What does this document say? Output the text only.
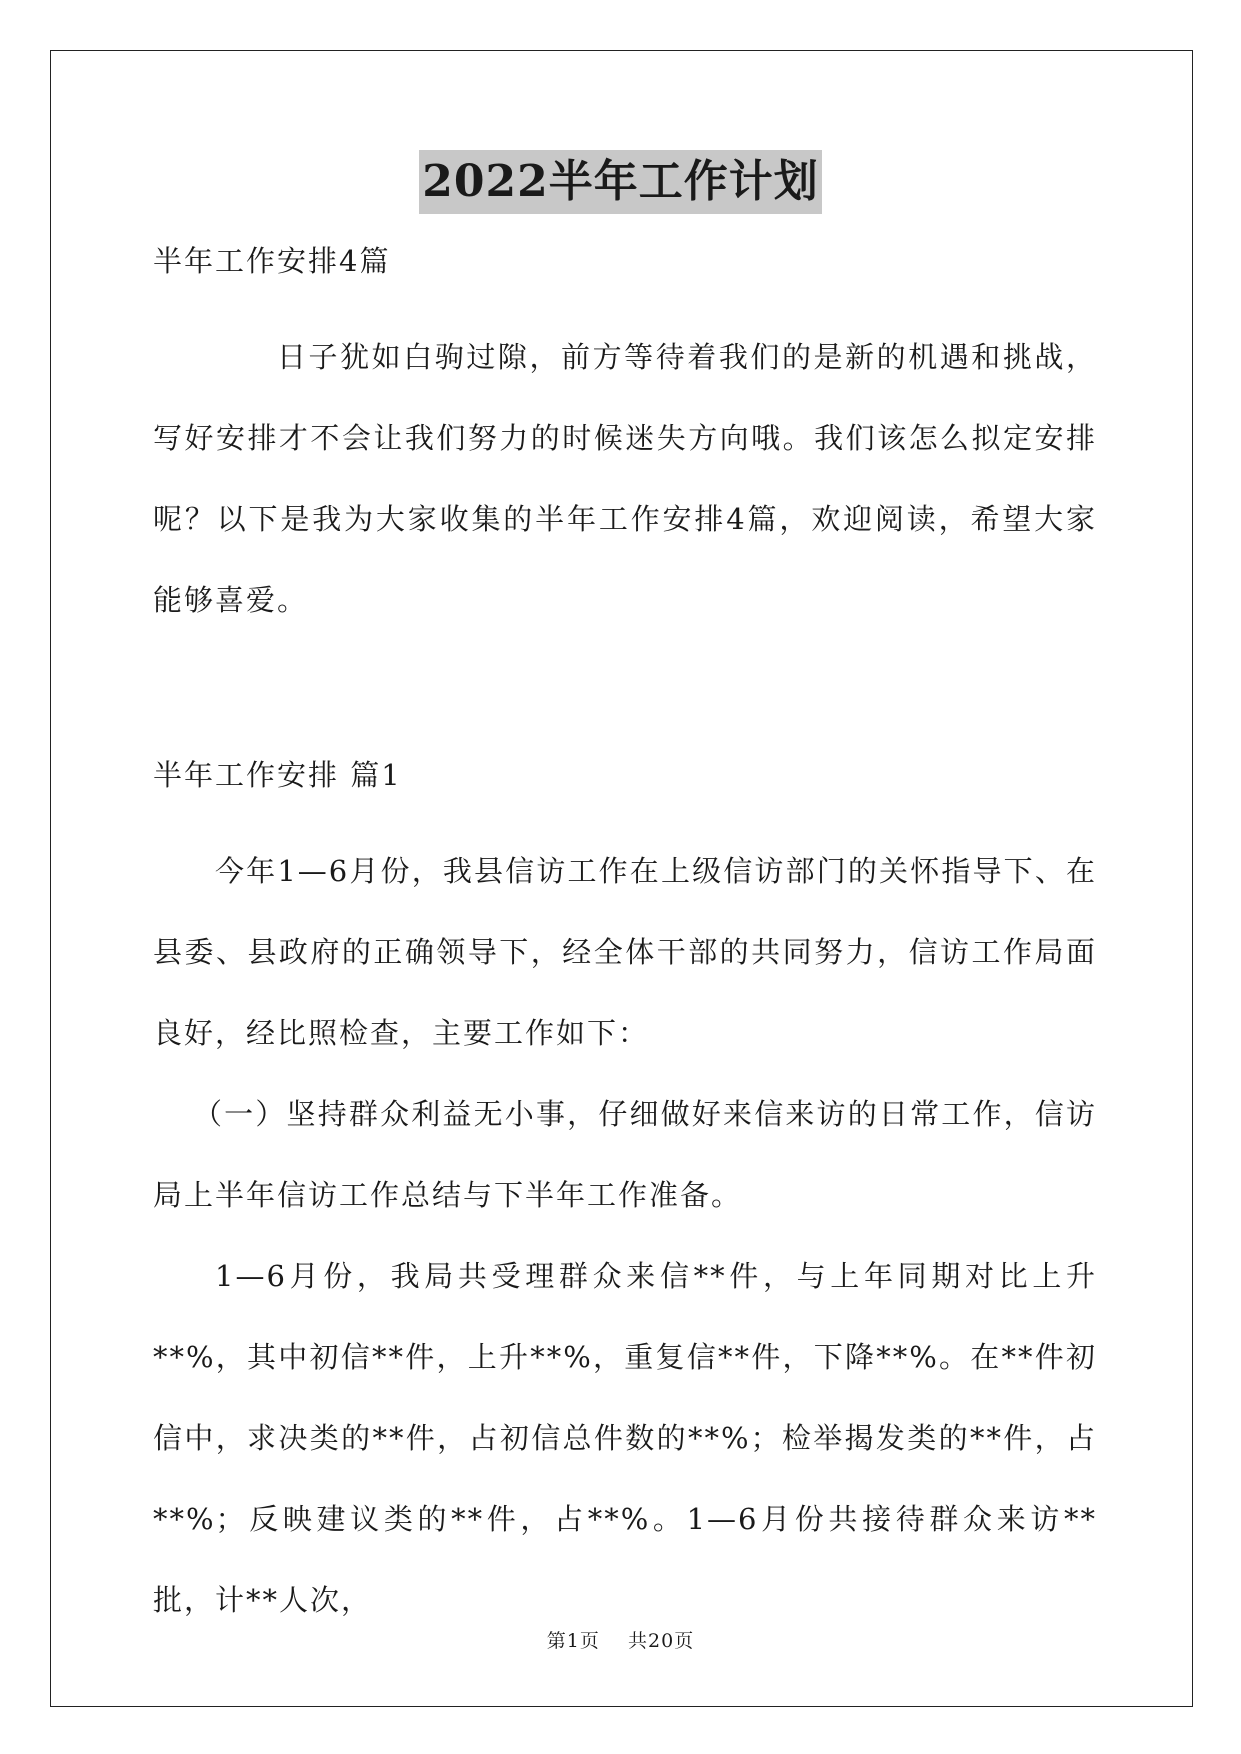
2022半年工作计划

半年工作安排4篇

日子犹如白驹过隙，前方等待着我们的是新的机遇和挑战，写好安排才不会让我们努力的时候迷失方向哦。我们该怎么拟定安排呢？以下是我为大家收集的半年工作安排4篇，欢迎阅读，希望大家能够喜爱。

半年工作安排 篇1

今年1—6月份，我县信访工作在上级信访部门的关怀指导下、在县委、县政府的正确领导下，经全体干部的共同努力，信访工作局面良好，经比照检查，主要工作如下：

（一）坚持群众利益无小事，仔细做好来信来访的日常工作，信访局上半年信访工作总结与下半年工作准备。

1—6月份，我局共受理群众来信**件，与上年同期对比上升**%，其中初信**件，上升**%，重复信**件，下降**%。在**件初信中，求决类的**件，占初信总件数的**%；检举揭发类的**件，占**%；反映建议类的**件，占**%。1—6月份共接待群众来访**批，计**人次，

第1页    共20页
